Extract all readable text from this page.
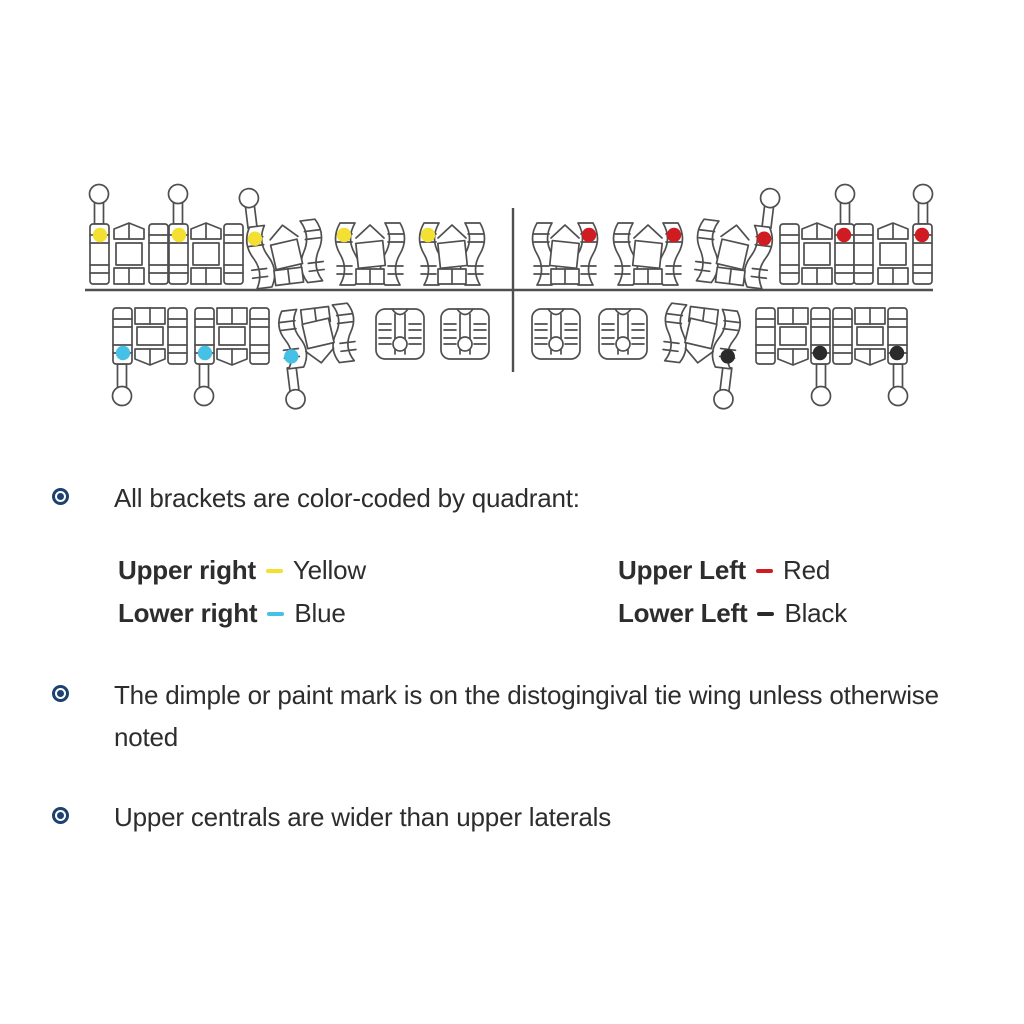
All brackets are color-coded by quadrant:

Upper right Yellow	Upper Left Red
Lower right Blue	Lower Left Black

The dimple or paint mark is on the distogingival tie wing unless otherwise noted

Upper centrals are wider than upper laterals
